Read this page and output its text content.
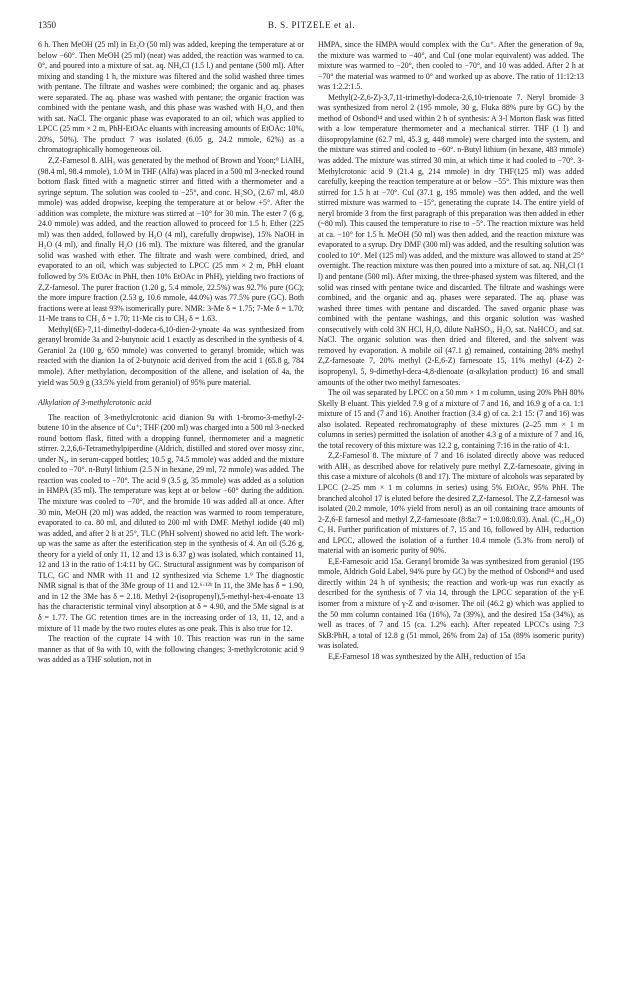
1350	B. S. PITZELE et al.

6 h. Then MeOH (25 ml) in Et₂O (50 ml) was added, keeping the temperature at or below −60°. Then MeOH (25 ml) (neat) was added, the reaction was warmed to ca. 0°, and poured into a mixture of sat. aq. NH₄Cl (1.5 l.) and pentane (500 ml). After mixing and standing 1 h, the mixture was filtered and the solid washed three times with pentane. The filtrate and washes were combined; the organic and aq. phases were separated. The aq. phase was washed with pentane; the organic fraction was combined with the pentane wash, and this phase was washed with H₂O, and then with sat. NaCl. The organic phase was evaporated to an oil, which was applied to LPCC (25 mm × 2 m, PhH-EtOAc eluants with increasing amounts of EtOAc: 10%, 20%, 50%). The product 7 was isolated (6.05 g, 24.2 mmole, 62%) as a chromatographically homogeneous oil.

Z,Z-Farnesol 8. AlH₃ was generated by the method of Brown and Yoon;⁹ LiAlH₄ (98.4 ml, 98.4 mmole), 1.0 M in THF (Alfa) was placed in a 500 ml 3-necked round bottom flask fitted with a magnetic stirrer and fitted with a thermometer and a syringe septum. The solution was cooled to −25°, and conc. H₂SO₄ (2.67 ml, 48.0 mmole) was added dropwise, keeping the temperature at or below +5°. After the addition was complete, the mixture was stirred at −10° for 30 min. The ester 7 (6 g, 24.0 mmole) was added, and the reaction allowed to proceed for 1.5 h. Ether (225 ml) was then added, followed by H₂O (4 ml), carefully dropwise), 15% NaOH in H₂O (4 ml), and finally H₂O (16 ml). The mixture was filtered, and the granular solid was washed with ether. The filtrate and wash were combined, dried, and evaporated to an oil, which was subjected to LPCC (25 mm × 2 m, PhH eluant followed by 5% EtOAc in PhH, then 10% EtOAc in PhH), yielding two fractions of Z,Z-farnesol. The purer fraction (1.20 g, 5.4 mmole, 22.5%) was 92.7% pure (GC); the more impure fraction (2.53 g, 10.6 mmole, 44.0%) was 77.5% pure (GC). Both fractions were at least 93% isomerically pure. NMR: 3-Me δ = 1.75; 7-Me δ = 1.70; 11-Me trans to CH₃ δ = 1.70; 11-Me cis to CH₃ δ = 1.63.

Methyl(6E)-7,11-dimethyl-dodeca-6,10-dien-2-ynoate 4a was synthesized from geranyl bromide 3a and 2-butynoic acid 1 exactly as described in the synthesis of 4. Geraniol 2a (100 g, 650 mmole) was converted to geranyl bromide, which was reacted with the dianion 1a of 2-butynoic acid derived from the acid 1 (65.8 g, 784 mmole). After methylation, decomposition of the allene, and isolation of 4a, the yield was 50.9 g (33.5% yield from geraniol) of 95% pure material.

Alkylation of 3-methylcrotonic acid

The reaction of 3-methylcrotonic acid dianion 9a with 1-bromo-3-methyl-2-butene 10 in the absence of Cu⁺; THF (200 ml) was charged into a 500 ml 3-necked round bottom flask, fitted with a dropping funnel, thermometer and a magnetic stirrer. 2,2,6,6-Tetramethylpiperdine (Aldrich, distilled and stored over mossy zinc, under N₂, in serum-capped bottles; 10.5 g, 74.5 mmole) was added and the mixture cooled to −70°. n-Butyl lithium (2.5 N in hexane, 29 ml, 72 mmole) was added. The reaction was cooled to −70°. The acid 9 (3.5 g, 35 mmole) was added as a solution in HMPA (35 ml). The temperature was kept at or below −60° during the addition. The mixture was cooled to −70°, and the bromide 10 was added all at once. After 30 min, MeOH (20 ml) was added, the reaction was warmed to room temperature, evaporated to ca. 80 ml, and diluted to 200 ml with DMF. Methyl iodide (40 ml) was added, and after 2 h at 25°, TLC (PhH solvent) showed no acid left. The work-up was the same as after the esterification step in the synthesis of 4. An oil (5.26 g, theory for a yield of only 11, 12 and 13 is 6.37 g) was isolated, which contained 11, 12 and 13 in the ratio of 1:4:11 by GC. Structural assignment was by comparison of TLC, GC and NMR with 11 and 12 synthesized via Scheme 1.⁹ The diagnostic NMR signal is that of the 3Me group of 11 and 12.⁶·¹²ᵇ In 11, the 3Me has δ = 1.90, and in 12 the 3Me has δ = 2.18. Methyl 2-(isopropenyl),5-methyl-hex-4-enoate 13 has the characteristic terminal vinyl absorption at δ = 4.90, and the 5Me signal is at δ = 1.77. The GC retention times are in the increasing order of 13, 11, 12, and a mixture of 11 made by the two routes elutes as one peak. This is also true for 12.

The reaction of the cuprate 14 with 10. This reaction was run in the same manner as that of 9a with 10, with the following changes; 3-methylcrotonic acid 9 was added as a THF solution, not in

HMPA, since the HMPA would complex with the Cu⁺. After the generation of 9a, the mixture was warmed to −40°, and CuI (one molar equivalent) was added. The mixture was warmed to −20°, then cooled to −70°, and 10 was added. After 2 h at −70° the material was warmed to 0° and worked up as above. The ratio of 11:12:13 was 1:2.2:1.5.

Methyl(2-Z,6-Z)-3,7,11-trimethyl-dodeca-2,6,10-trienoate 7. Neryl bromide 3 was synthesized from nerol 2 (195 mmole, 30 g, Fluka 88% pure by GC) by the method of Osbond¹⁴ and used within 2 h of synthesis: A 3-l Morton flask was fitted with a low temperature thermometer and a mechanical stirrer. THF (1 l) and diisopropylamine (62.7 ml, 45.3 g, 448 mmole) were charged into the system, and the mixture was stirred and cooled to −60°. n-Butyl lithium (in hexane, 483 mmole) was added. The mixture was stirred 30 min, at which time it had cooled to −70°. 3-Methylcrotonic acid 9 (21.4 g, 214 mmole) in dry THF(125 ml) was added carefully, keeping the reaction temperature at or below −55°. This mixture was then stirred for 1.5 h at −70°. CuI (37.1 g, 195 mmole) was then added, and the well stirred mixture was warmed to −15°, generating the cuprate 14. The entire yield of neryl bromide 3 from the first paragraph of this preparation was then added in ether (~80 ml). This caused the temperature to rise to −5°. The reaction mixture was held at ca. −10° for 1.5 h. MeOH (50 ml) was then added, and the reaction mixture was evaporated to a syrup. Dry DMF (300 ml) was added, and the resulting solution was cooled to 10°. MeI (125 ml) was added, and the mixture was allowed to stand at 25° overnight. The reaction mixture was then poured into a mixture of sat. aq. NH₄Cl (1 l) and pentane (500 ml). After mixing, the three-phased system was filtered, and the solid was rinsed with pentane twice and discarded. The filtrate and washings were combined, and the organic and aq. phases were separated. The aq. phase was washed three times with pentane and discarded. The saved organic phase was combined with the pentane washings, and this organic solution was washed consecutively with cold 3N HCl, H₂O, dilute NaHSO₃, H₂O, sat. NaHCO₃ and sat. NaCl. The organic solution was then dried and filtered, and the solvent was removed by evaporation. A mobile oil (47.1 g) remained, containing 28% methyl Z,Z-farnesoate 7, 20% methyl (2-E,6-Z) farnesoate 15, 11% methyl (4-Z) 2-isopropenyl, 5, 9-dimethyl-deca-4,8-dienoate (α-alkylation product) 16 and small amounts of the other two methyl farnesoates.

The oil was separated by LPCC on a 50 mm × 1 m column, using 20% PhH 80% Skelly B eluant. This yielded 7.9 g of a mixture of 7 and 16, and 16.9 g of a ca. 1:1 mixture of 15 and (7 and 16). Another fraction (3.4 g) of ca. 2:1 15: (7 and 16) was also isolated. Repeated rechromatography of these mixtures (2–25 mm × 1 m columns in series) permitted the isolation of another 4.3 g of a mixture of 7 and 16, the total recovery of this mixture was 12.2 g, containing 7:16 in the ratio of 4:1.

Z,Z-Farnesol 8. The mixture of 7 and 16 isolated directly above was reduced with AlH₃ as described above for relatively pure methyl Z,Z-farnesoate, giving in this case a mixture of alcohols (8 and 17). The mixture of alcohols was separated by LPCC (2–25 mm × 1 m columns in series) using 5% EtOAc, 95% PhH. The branched alcohol 17 is eluted before the desired Z,Z-farnesol. The Z,Z-farnesol was isolated (20.2 mmole, 10% yield from nerol) as an oil containing trace amounts of 2-Z,6-E farnesol and methyl Z,Z-farnesoate (8:8a:7 = 1:0.08:0.03). Anal. (C₁₅H₂₆O) C, H. Further purification of mixtures of 7, 15 and 16, followed by AlH₃ reduction and LPCC, allowed the isolation of a further 10.4 mmole (5.3% from nerol) of material with an isomeric purity of 90%.

E,E-Farnesoic acid 15a. Geranyl bromide 3a was synthesized from geraniol (195 mmole, Aldrich Gold Label, 94% pure by GC) by the method of Osbond¹⁴ and used directly within 24 h of synthesis; the reaction and work-up was run exactly as described for the synthesis of 7 via 14, through the LPCC separation of the γ-E isomer from a mixture of γ-Z and α-isomer. The oil (46.2 g) which was applied to the 50 mm column contained 16a (16%), 7a (39%), and the desired 15a (34%), as well as traces of 7 and 15 (ca. 1.2% each). After repeated LPCC's using 7:3 SkB:PhH, a total of 12.8 g (51 mmol, 26% from 2a) of 15a (89% isomeric purity) was isolated.

E,E-Farnesol 18 was synthesized by the AlH₃ reduction of 15a
